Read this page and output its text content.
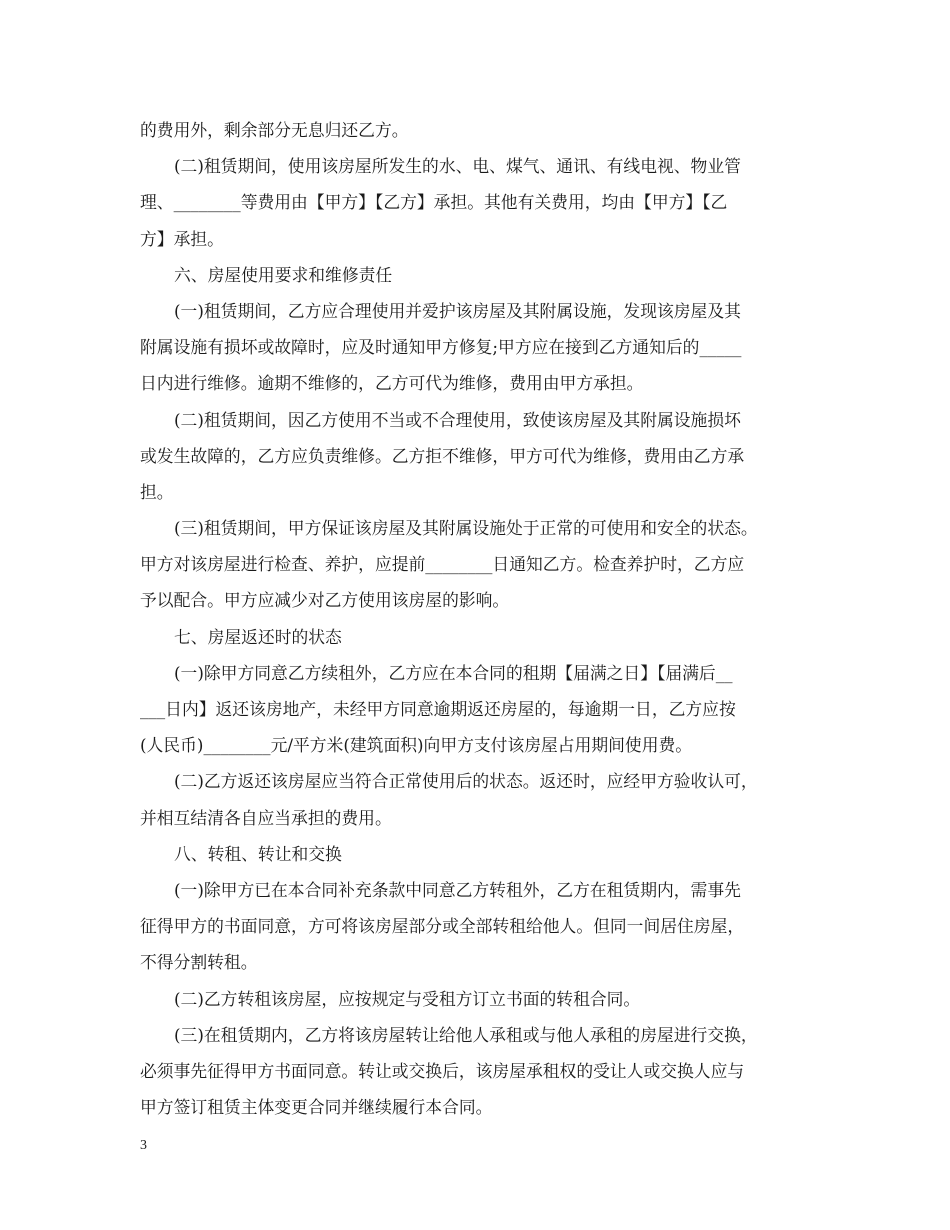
的费用外，剩余部分无息归还乙方。
(二)租赁期间，使用该房屋所发生的水、电、煤气、通讯、有线电视、物业管
理、________等费用由【甲方】【乙方】承担。其他有关费用，均由【甲方】【乙
方】承担。
六、房屋使用要求和维修责任
(一)租赁期间，乙方应合理使用并爱护该房屋及其附属设施，发现该房屋及其
附属设施有损坏或故障时，应及时通知甲方修复;甲方应在接到乙方通知后的_____
日内进行维修。逾期不维修的，乙方可代为维修，费用由甲方承担。
(二)租赁期间，因乙方使用不当或不合理使用，致使该房屋及其附属设施损坏
或发生故障的，乙方应负责维修。乙方拒不维修，甲方可代为维修，费用由乙方承
担。
(三)租赁期间，甲方保证该房屋及其附属设施处于正常的可使用和安全的状态。
甲方对该房屋进行检查、养护，应提前________日通知乙方。检查养护时，乙方应
予以配合。甲方应减少对乙方使用该房屋的影响。
七、房屋返还时的状态
(一)除甲方同意乙方续租外，乙方应在本合同的租期【届满之日】【届满后__
___日内】返还该房地产，未经甲方同意逾期返还房屋的，每逾期一日，乙方应按
(人民币)________元/平方米(建筑面积)向甲方支付该房屋占用期间使用费。
(二)乙方返还该房屋应当符合正常使用后的状态。返还时，应经甲方验收认可，
并相互结清各自应当承担的费用。
八、转租、转让和交换
(一)除甲方已在本合同补充条款中同意乙方转租外，乙方在租赁期内，需事先
征得甲方的书面同意，方可将该房屋部分或全部转租给他人。但同一间居住房屋，
不得分割转租。
(二)乙方转租该房屋，应按规定与受租方订立书面的转租合同。
(三)在租赁期内，乙方将该房屋转让给他人承租或与他人承租的房屋进行交换，
必须事先征得甲方书面同意。转让或交换后，该房屋承租权的受让人或交换人应与
甲方签订租赁主体变更合同并继续履行本合同。
3
